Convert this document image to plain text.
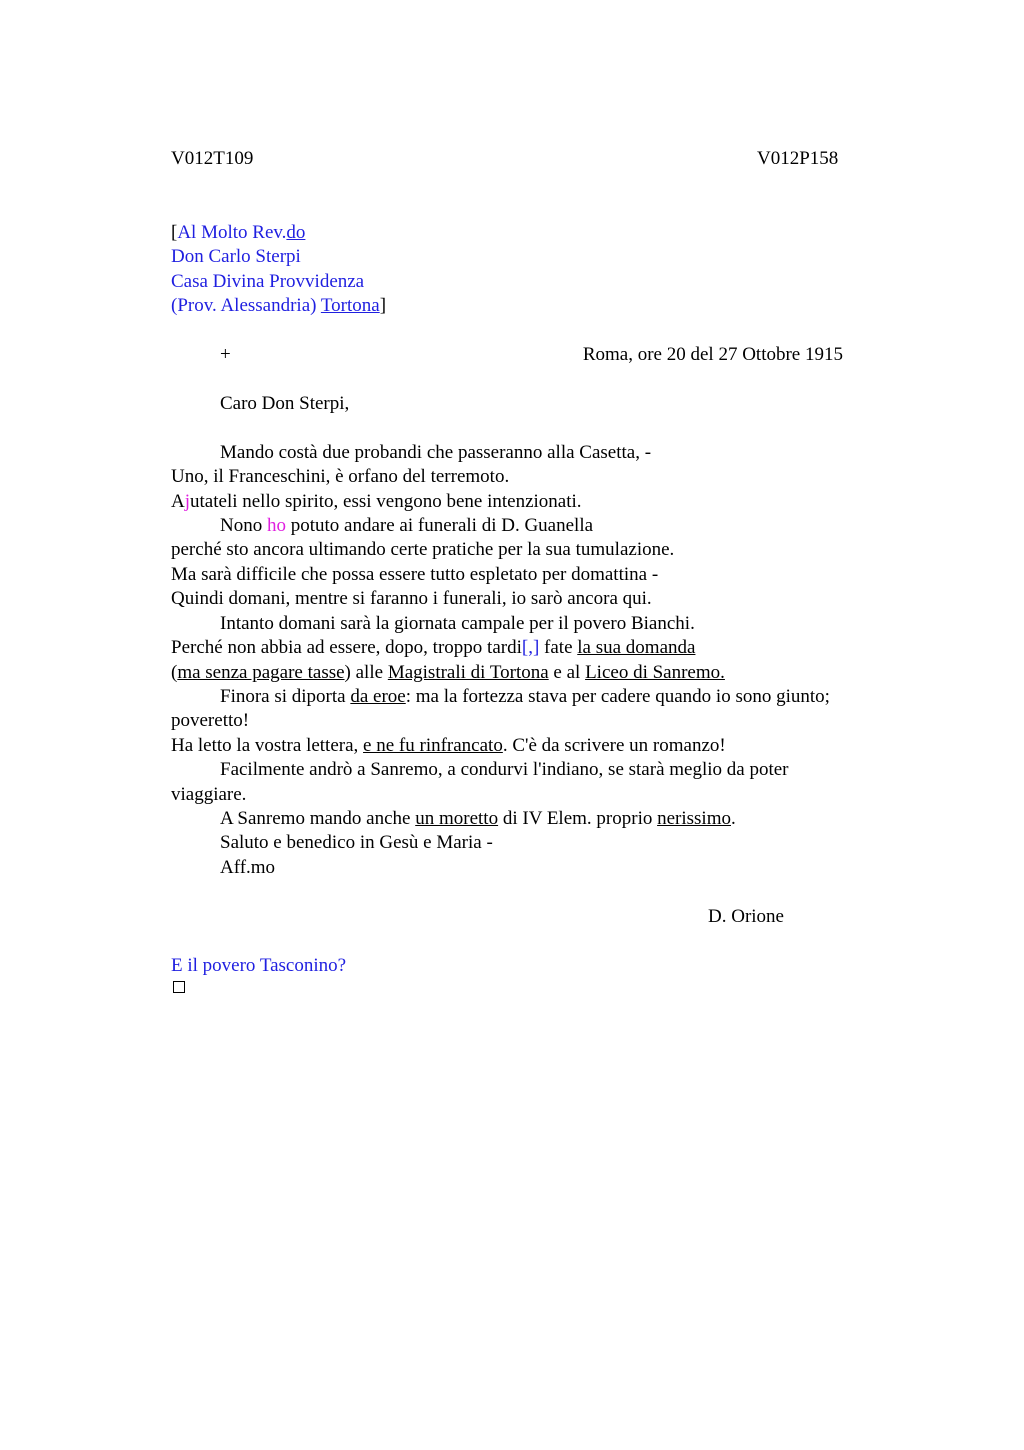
V012T109	V012P158
[Al Molto Rev.do
Don Carlo Sterpi
Casa Divina Provvidenza
(Prov. Alessandria) Tortona]
+	Roma, ore 20 del 27 Ottobre 1915
Caro Don Sterpi,
Mando costà due probandi che passeranno alla Casetta, -
Uno, il Franceschini, è orfano del terremoto.
Ajutateli nello spirito, essi vengono bene intenzionati.
Nono ho potuto andare ai funerali di D. Guanella
perché sto ancora ultimando certe pratiche per la sua tumulazione.
Ma sarà difficile che possa essere tutto espletato per domattina -
Quindi domani, mentre si faranno i funerali, io sarò ancora qui.
Intanto domani sarà la giornata campale per il povero Bianchi.
Perché non abbia ad essere, dopo, troppo tardi[,] fate la sua domanda
(ma senza pagare tasse) alle Magistrali di Tortona e al Liceo di Sanremo.
Finora si diporta da eroe: ma la fortezza stava per cadere quando io sono giunto;
poveretto!
Ha letto la vostra lettera, e ne fu rinfrancato. C'è da scrivere un romanzo!
Facilmente andrò a Sanremo, a condurvi l'indiano, se starà meglio da poter
viaggiare.
A Sanremo mando anche un moretto di IV Elem. proprio nerissimo.
Saluto e benedico in Gesù e Maria -
Aff.mo
D. Orione
E il povero Tasconino?
